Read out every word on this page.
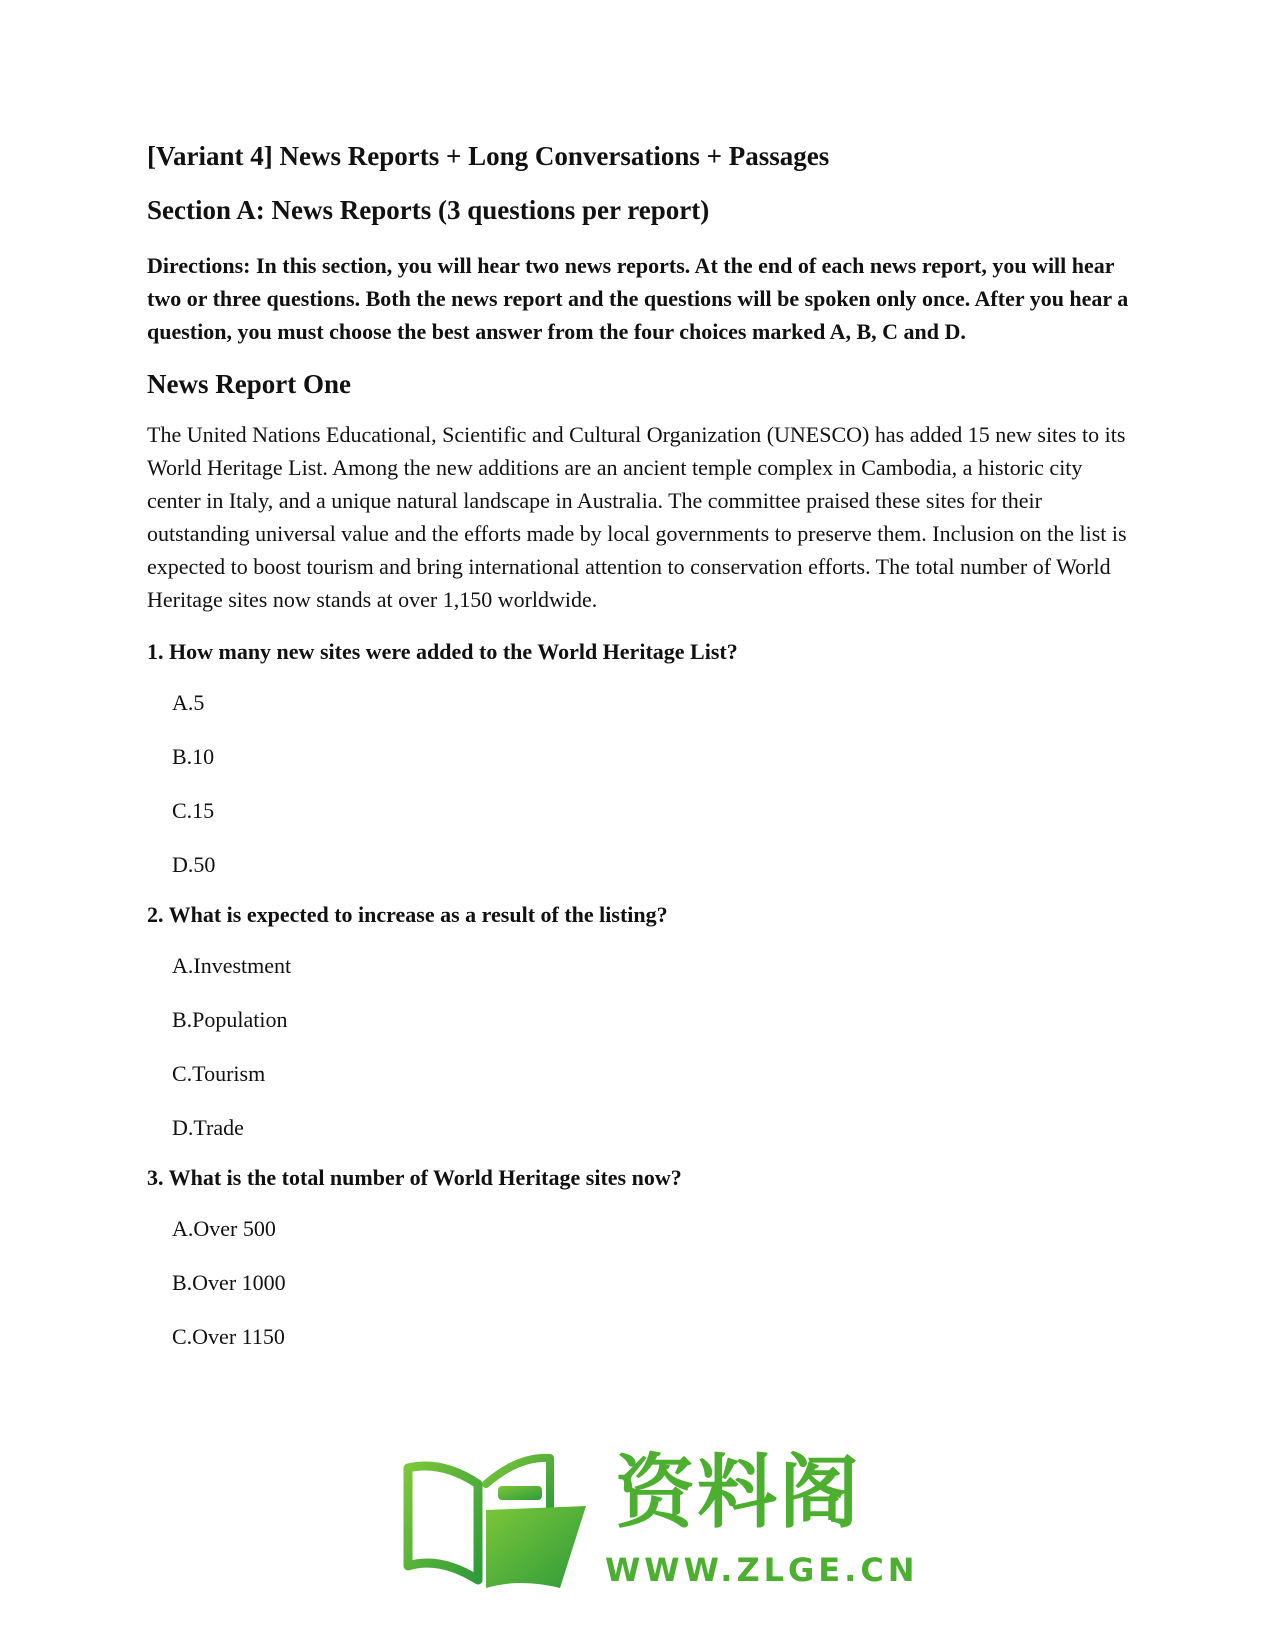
[Variant 4] News Reports + Long Conversations + Passages
Section A: News Reports (3 questions per report)

Directions: In this section, you will hear two news reports. At the end of each news report, you will hear two or three questions. Both the news report and the questions will be spoken only once. After you hear a question, you must choose the best answer from the four choices marked A, B, C and D.

News Report One

The United Nations Educational, Scientific and Cultural Organization (UNESCO) has added 15 new sites to its World Heritage List. Among the new additions are an ancient temple complex in Cambodia, a historic city center in Italy, and a unique natural landscape in Australia. The committee praised these sites for their outstanding universal value and the efforts made by local governments to preserve them. Inclusion on the list is expected to boost tourism and bring international attention to conservation efforts. The total number of World Heritage sites now stands at over 1,150 worldwide.

1. How many new sites were added to the World Heritage List?

A.5
B.10
C.15
D.50

2. What is expected to increase as a result of the listing?

A.Investment
B.Population
C.Tourism
D.Trade

3. What is the total number of World Heritage sites now?

A.Over 500
B.Over 1000
C.Over 1150
资料阁
WWW.ZLGE.CN
